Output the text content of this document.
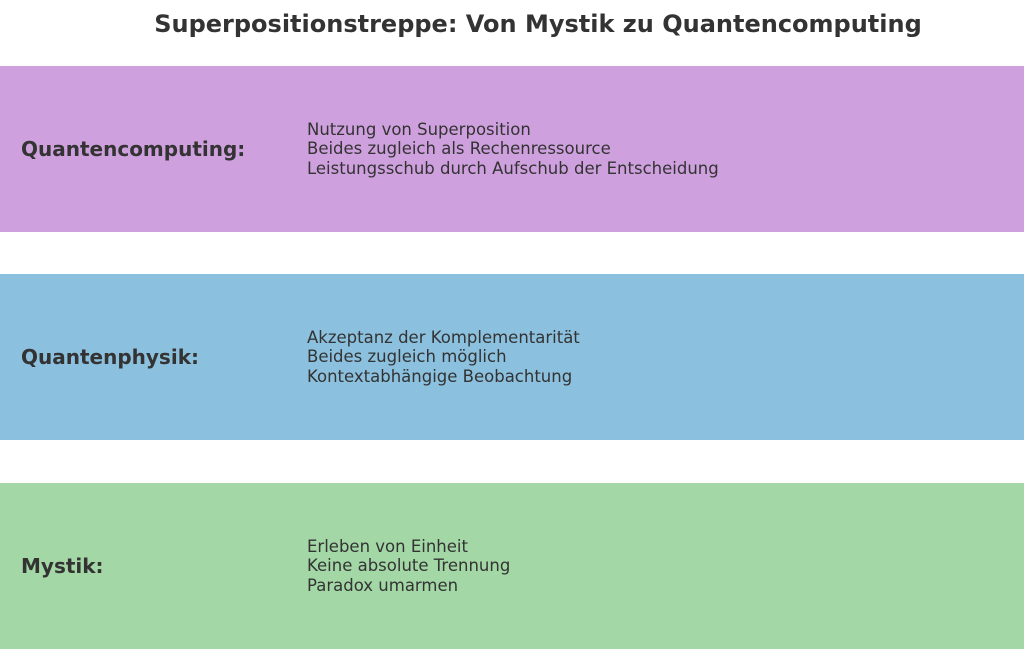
Superpositionstreppe: Von Mystik zu Quantencomputing
Quantencomputing:
Nutzung von Superposition
Beides zugleich als Rechenressource
Leistungsschub durch Aufschub der Entscheidung
Quantenphysik:
Akzeptanz der Komplementarität
Beides zugleich möglich
Kontextabhängige Beobachtung
Mystik:
Erleben von Einheit
Keine absolute Trennung
Paradox umarmen
